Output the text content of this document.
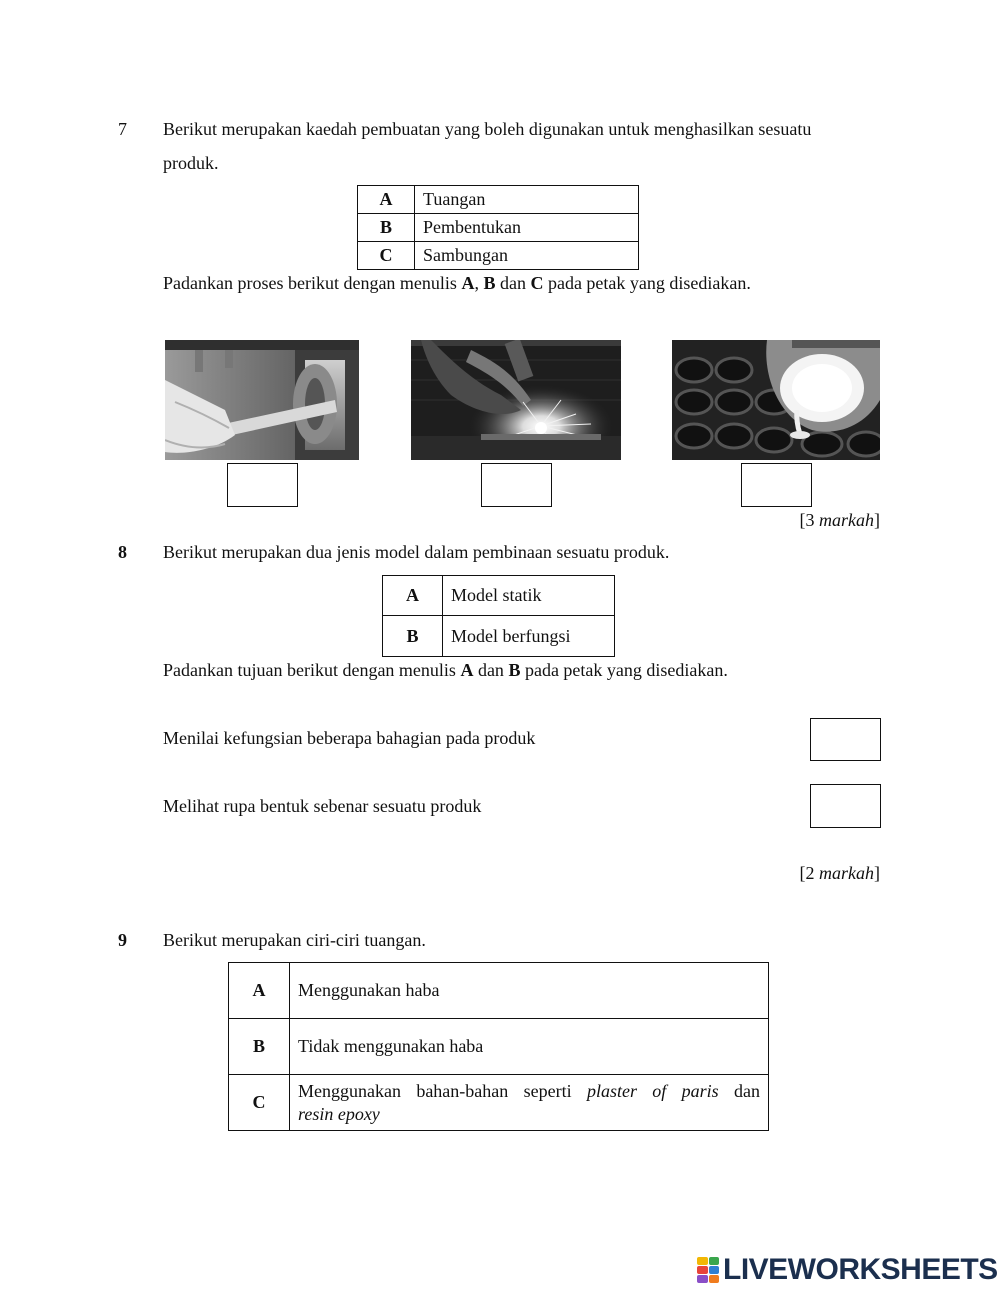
7 Berikut merupakan kaedah pembuatan yang boleh digunakan untuk menghasilkan sesuatu
produk.
A	Tuangan
B	Pembentukan
C	Sambungan
Padankan proses berikut dengan menulis A, B dan C pada petak yang disediakan.
[3 markah]
8 Berikut merupakan dua jenis model dalam pembinaan sesuatu produk.
A	Model statik
B	Model berfungsi
Padankan tujuan berikut dengan menulis A dan B pada petak yang disediakan.
Menilai kefungsian beberapa bahagian pada produk
Melihat rupa bentuk sebenar sesuatu produk
[2 markah]
9 Berikut merupakan ciri-ciri tuangan.
A	Menggunakan haba
B	Tidak menggunakan haba
C	Menggunakan bahan-bahan seperti plaster of paris dan
resin epoxy
LIVEWORKSHEETS
